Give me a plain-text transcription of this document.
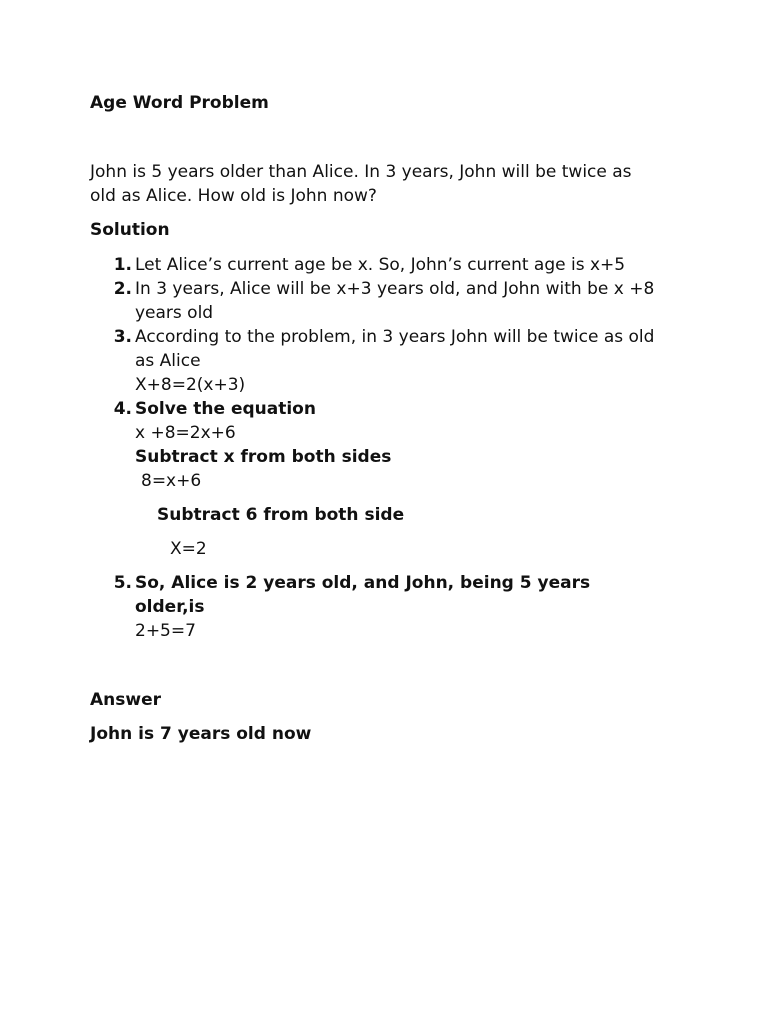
Age Word Problem
John is 5 years older than Alice. In 3 years, John will be twice as
old as Alice. How old is John now?
Solution
1. Let Alice’s current age be x. So, John’s current age is x+5
2. In 3 years, Alice will be x+3 years old, and John with be x +8
years old
3. According to the problem, in 3 years John will be twice as old
as Alice
X+8=2(x+3)
4. Solve the equation
x +8=2x+6
Subtract x from both sides
8=x+6
Subtract 6 from both side
X=2
5. So, Alice is 2 years old, and John, being 5 years
older,is
2+5=7
Answer
John is 7 years old now
